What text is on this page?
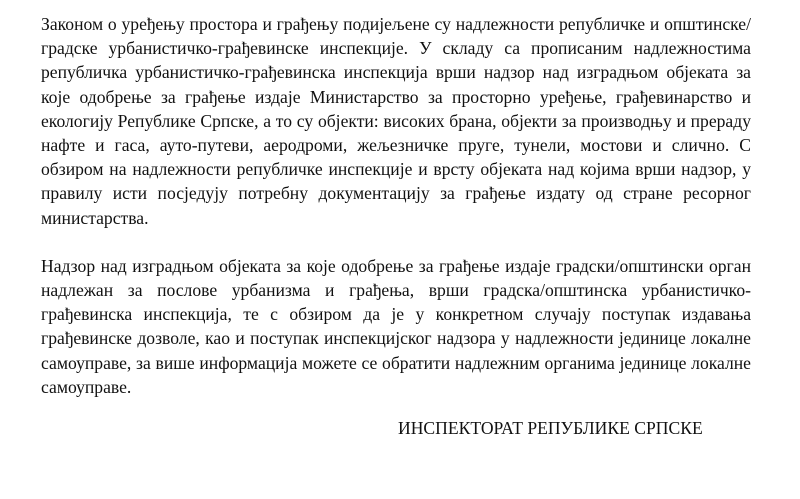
Законом о уређењу простора и грађењу подијељене су надлежности републичке и општинске/градске урбанистичко-грађевинске инспекције. У складу са прописаним надлежностима републичка урбанистичко-грађевинска инспекција врши надзор над изградњом објеката за које одобрење за грађење издаје Министарство за просторно уређење, грађевинарство и екологију Републике Српске, а то су објекти: високих брана, објекти за производњу и прераду нафте и гаса, ауто-путеви, аеродроми, жељезничке пруге, тунели, мостови и слично. С обзиром на надлежности републичке инспекције и врсту објеката над којима врши надзор, у правилу исти посједују потребну документацију за грађење издату од стране ресорног министарства.

Надзор над изградњом објеката за које одобрење за грађење издаје градски/општински орган надлежан за послове урбанизма и грађења, врши градска/општинска урбанистичко-грађевинска инспекција, те с обзиром да је у конкретном случају поступак издавања грађевинске дозволе, као и поступак инспекцијског надзора у надлежности јединице локалне самоуправе, за више информација можете се обратити надлежним органима јединице локалне самоуправе.

ИНСПЕКТОРАТ РЕПУБЛИКЕ СРПСКЕ
